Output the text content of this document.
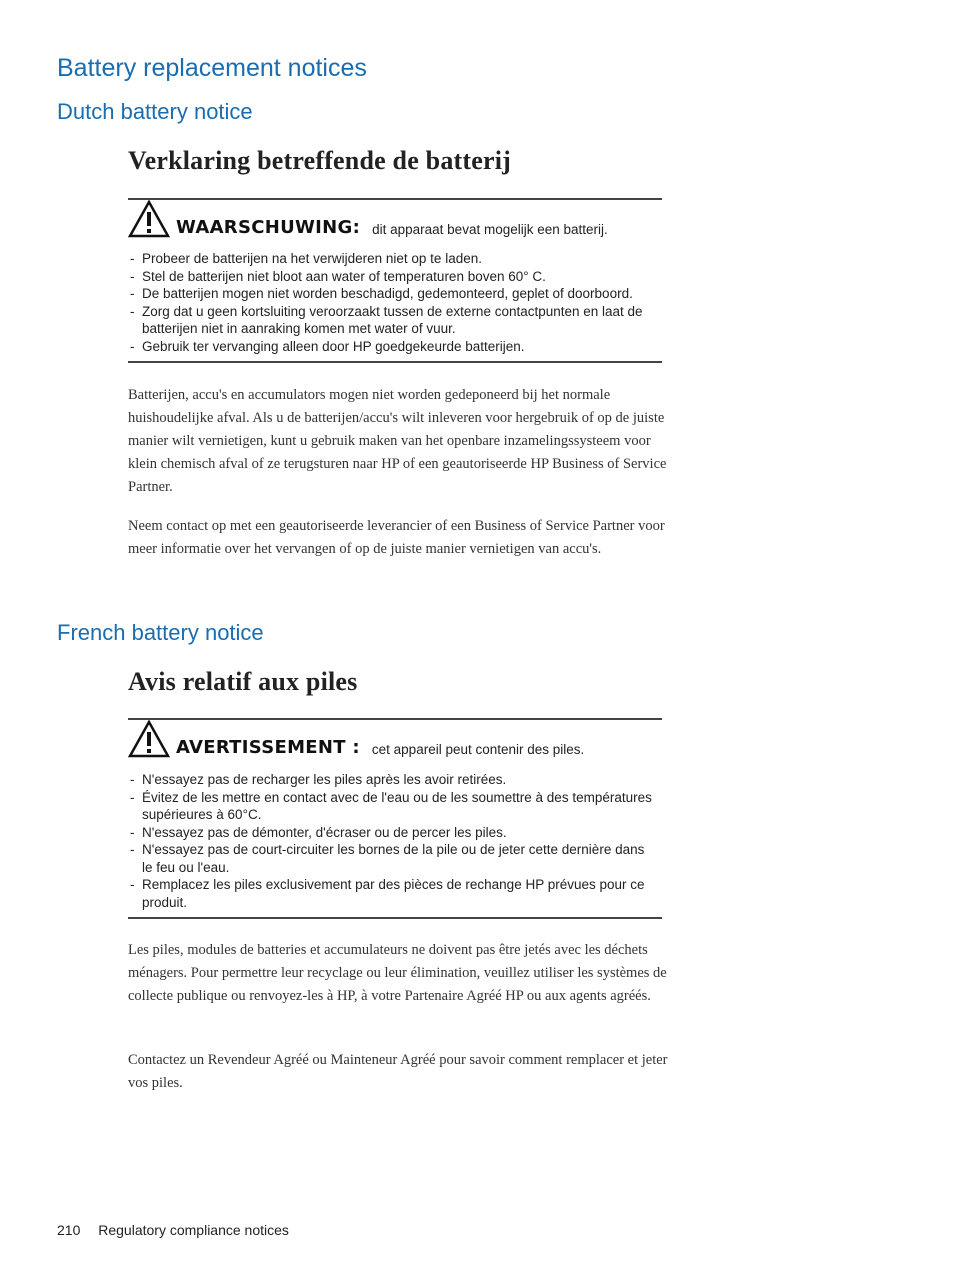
Battery replacement notices
Dutch battery notice
Verklaring betreffende de batterij
WAARSCHUWING: dit apparaat bevat mogelijk een batterij.
- Probeer de batterijen na het verwijderen niet op te laden.
- Stel de batterijen niet bloot aan water of temperaturen boven 60° C.
- De batterijen mogen niet worden beschadigd, gedemonteerd, geplet of doorboord.
- Zorg dat u geen kortsluiting veroorzaakt tussen de externe contactpunten en laat de batterijen niet in aanraking komen met water of vuur.
- Gebruik ter vervanging alleen door HP goedgekeurde batterijen.

Batterijen, accu's en accumulators mogen niet worden gedeponeerd bij het normale huishoudelijke afval. Als u de batterijen/accu's wilt inleveren voor hergebruik of op de juiste manier wilt vernietigen, kunt u gebruik maken van het openbare inzamelingssysteem voor klein chemisch afval of ze terugsturen naar HP of een geautoriseerde HP Business of Service Partner.

Neem contact op met een geautoriseerde leverancier of een Business of Service Partner voor meer informatie over het vervangen of op de juiste manier vernietigen van accu's.

French battery notice
Avis relatif aux piles
AVERTISSEMENT : cet appareil peut contenir des piles.
- N'essayez pas de recharger les piles après les avoir retirées.
- Évitez de les mettre en contact avec de l'eau ou de les soumettre à des températures supérieures à 60°C.
- N'essayez pas de démonter, d'écraser ou de percer les piles.
- N'essayez pas de court-circuiter les bornes de la pile ou de jeter cette dernière dans le feu ou l'eau.
- Remplacez les piles exclusivement par des pièces de rechange HP prévues pour ce produit.

Les piles, modules de batteries et accumulateurs ne doivent pas être jetés avec les déchets ménagers. Pour permettre leur recyclage ou leur élimination, veuillez utiliser les systèmes de collecte publique ou renvoyez-les à HP, à votre Partenaire Agréé HP ou aux agents agréés.

Contactez un Revendeur Agréé ou Mainteneur Agréé pour savoir comment remplacer et jeter vos piles.

210 Regulatory compliance notices
